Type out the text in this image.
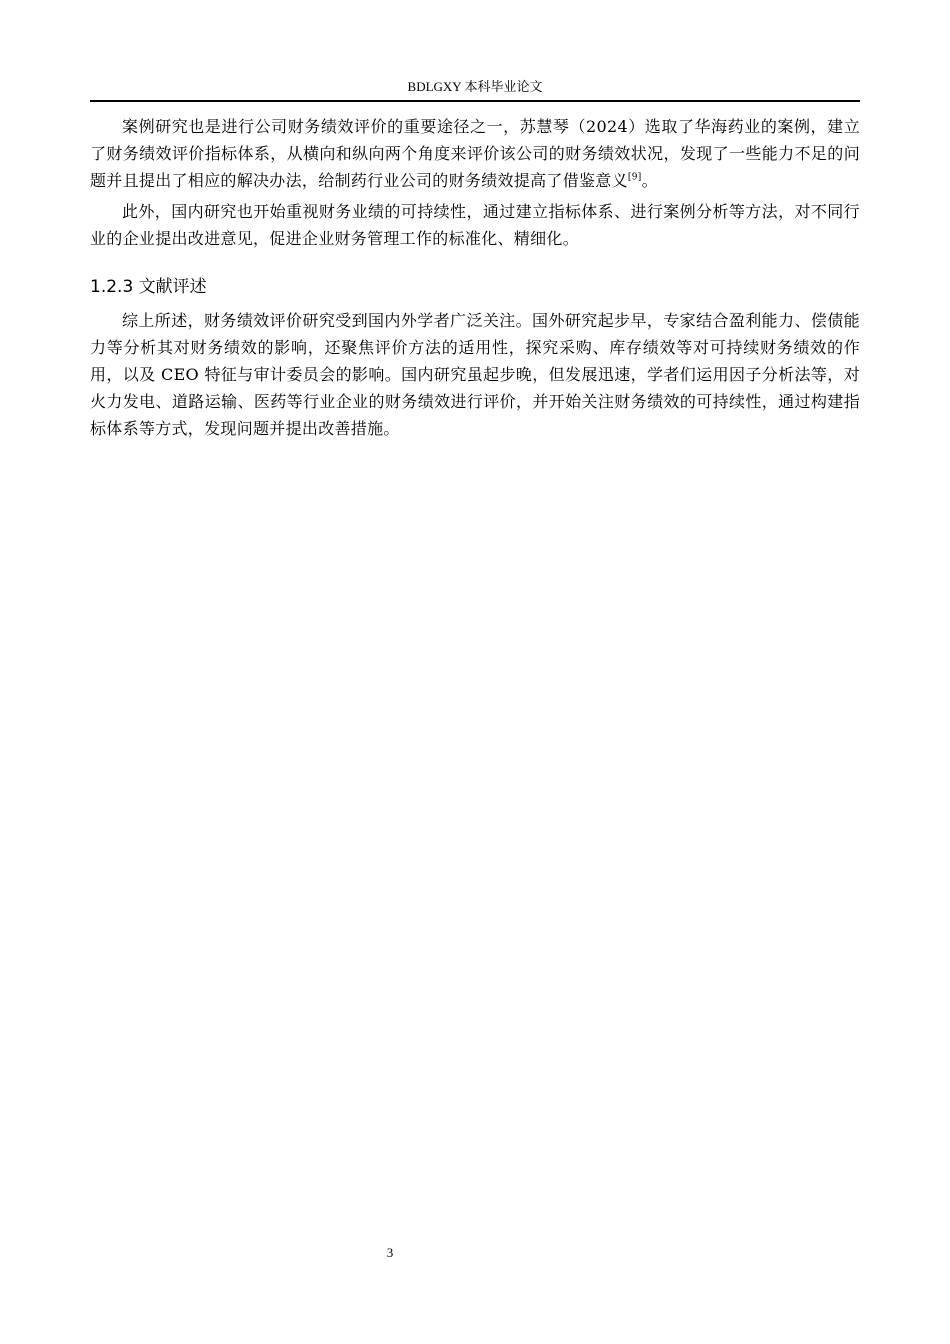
BDLGXY 本科毕业论文

案例研究也是进行公司财务绩效评价的重要途径之一，苏慧琴（2024）选取了华海药业的案例，建立了财务绩效评价指标体系，从横向和纵向两个角度来评价该公司的财务绩效状况，发现了一些能力不足的问题并且提出了相应的解决办法，给制药行业公司的财务绩效提高了借鉴意义[9]。

此外，国内研究也开始重视财务业绩的可持续性，通过建立指标体系、进行案例分析等方法，对不同行业的企业提出改进意见，促进企业财务管理工作的标准化、精细化。

1.2.3 文献评述

综上所述，财务绩效评价研究受到国内外学者广泛关注。国外研究起步早，专家结合盈利能力、偿债能力等分析其对财务绩效的影响，还聚焦评价方法的适用性，探究采购、库存绩效等对可持续财务绩效的作用，以及 CEO 特征与审计委员会的影响。国内研究虽起步晚，但发展迅速，学者们运用因子分析法等，对火力发电、道路运输、医药等行业企业的财务绩效进行评价，并开始关注财务绩效的可持续性，通过构建指标体系等方式，发现问题并提出改善措施。

3
